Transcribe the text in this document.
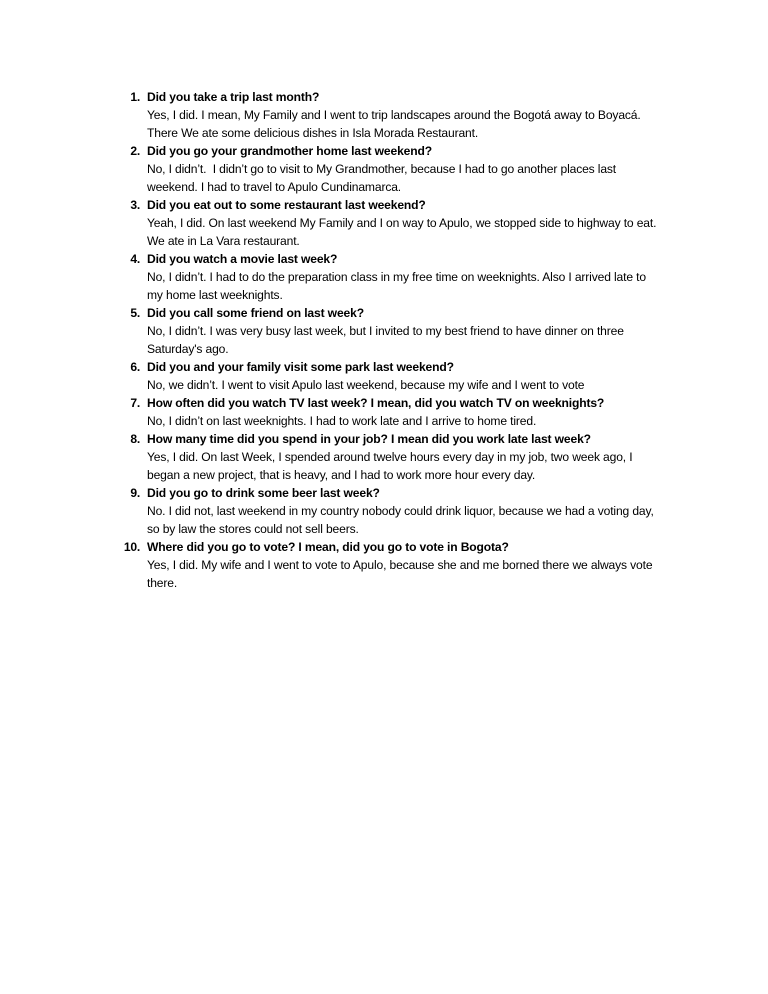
1. Did you take a trip last month?

Yes, I did. I mean, My Family and I went to trip landscapes around the Bogotá away to Boyacá. There We ate some delicious dishes in Isla Morada Restaurant.

2. Did you go your grandmother home last weekend?

No, I didn’t.  I didn’t go to visit to My Grandmother, because I had to go another places last weekend. I had to travel to Apulo Cundinamarca.

3. Did you eat out to some restaurant last weekend?

Yeah, I did. On last weekend My Family and I on way to Apulo, we stopped side to highway to eat. We ate in La Vara restaurant.

4. Did you watch a movie last week?

No, I didn’t. I had to do the preparation class in my free time on weeknights. Also I arrived late to my home last weeknights.

5. Did you call some friend on last week?

No, I didn’t. I was very busy last week, but I invited to my best friend to have dinner on three Saturday's ago.

6. Did you and your family visit some park last weekend?

No, we didn’t. I went to visit Apulo last weekend, because my wife and I went to vote

7. How often did you watch TV last week? I mean, did you watch TV on weeknights?

No, I didn’t on last weeknights. I had to work late and I arrive to home tired.

8. How many time did you spend in your job? I mean did you work late last week?

Yes, I did. On last Week, I spended around twelve hours every day in my job, two week ago, I began a new project, that is heavy, and I had to work more hour every day.

9. Did you go to drink some beer last week?

No. I did not, last weekend in my country nobody could drink liquor, because we had a voting day, so by law the stores could not sell beers.

10. Where did you go to vote? I mean, did you go to vote in Bogota?

Yes, I did. My wife and I went to vote to Apulo, because she and me borned there we always vote there.
